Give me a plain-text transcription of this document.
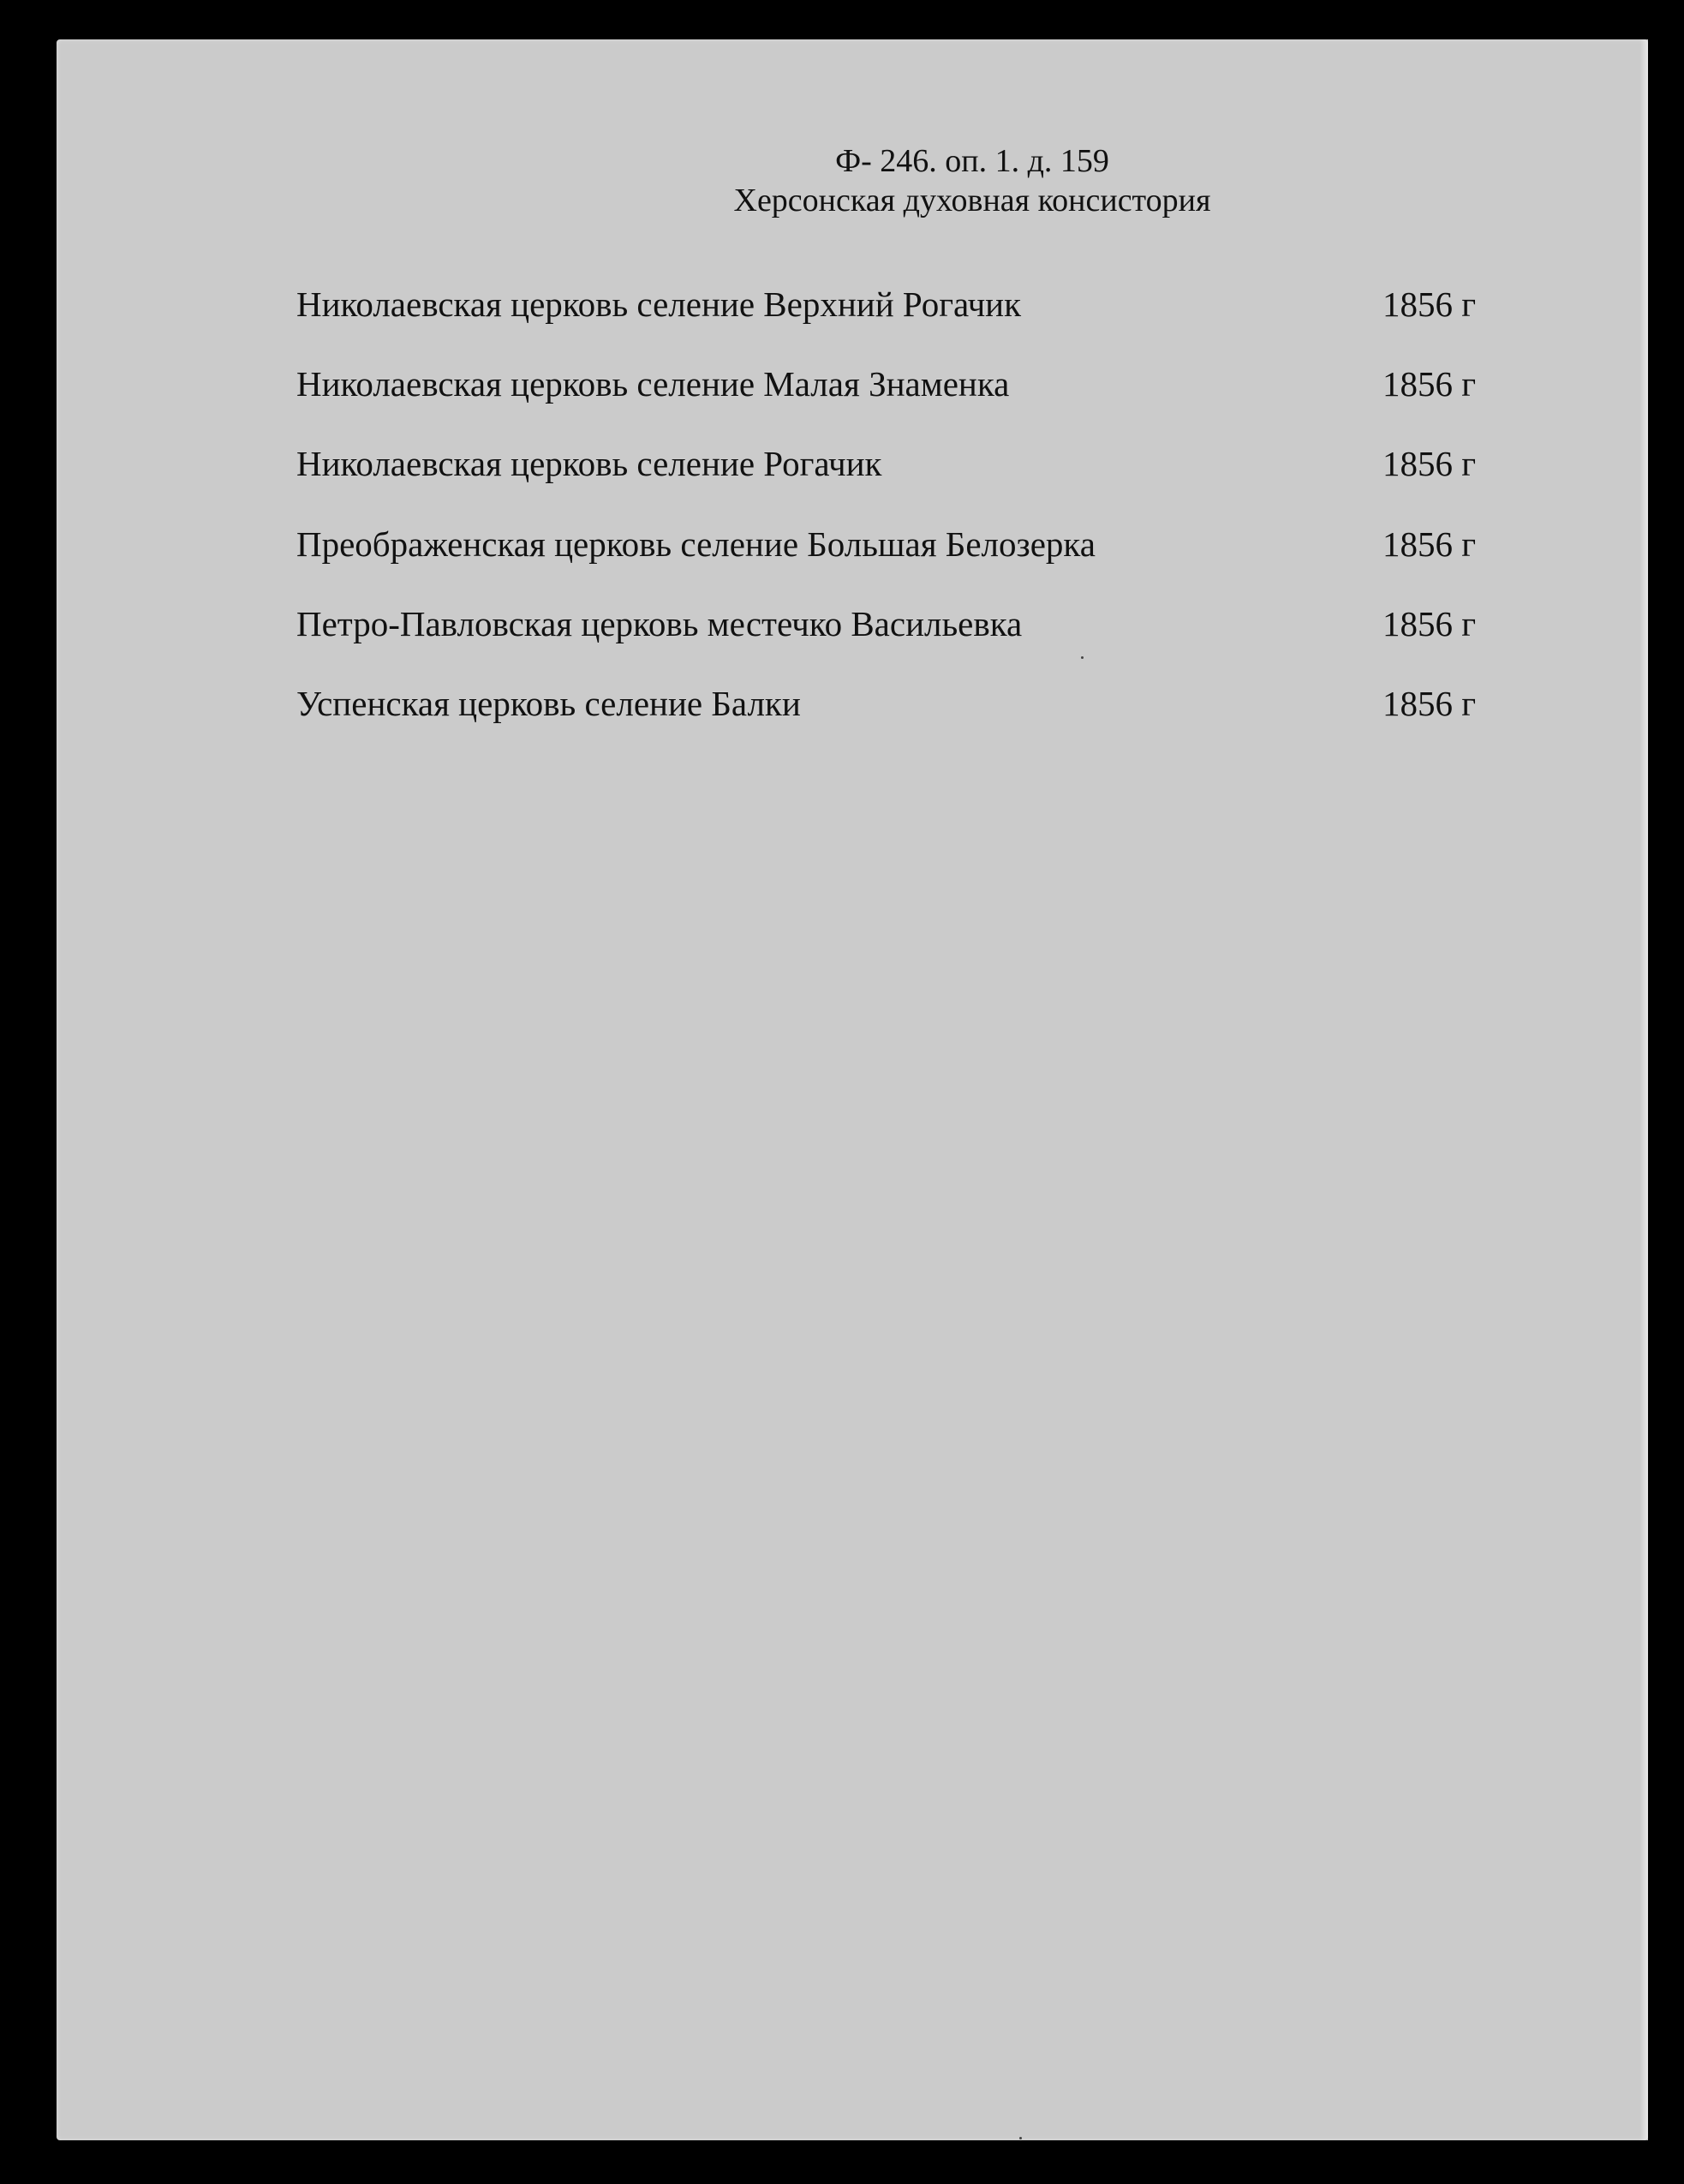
Ф- 246. оп. 1. д. 159
Херсонская духовная консистория
Николаевская церковь селение Верхний Рогачик	1856 г
Николаевская церковь селение Малая Знаменка	1856 г
Николаевская церковь селение Рогачик	1856 г
Преображенская церковь селение Большая Белозерка	1856 г
Петро-Павловская церковь местечко Васильевка	1856 г
Успенская церковь селение Балки	1856 г
